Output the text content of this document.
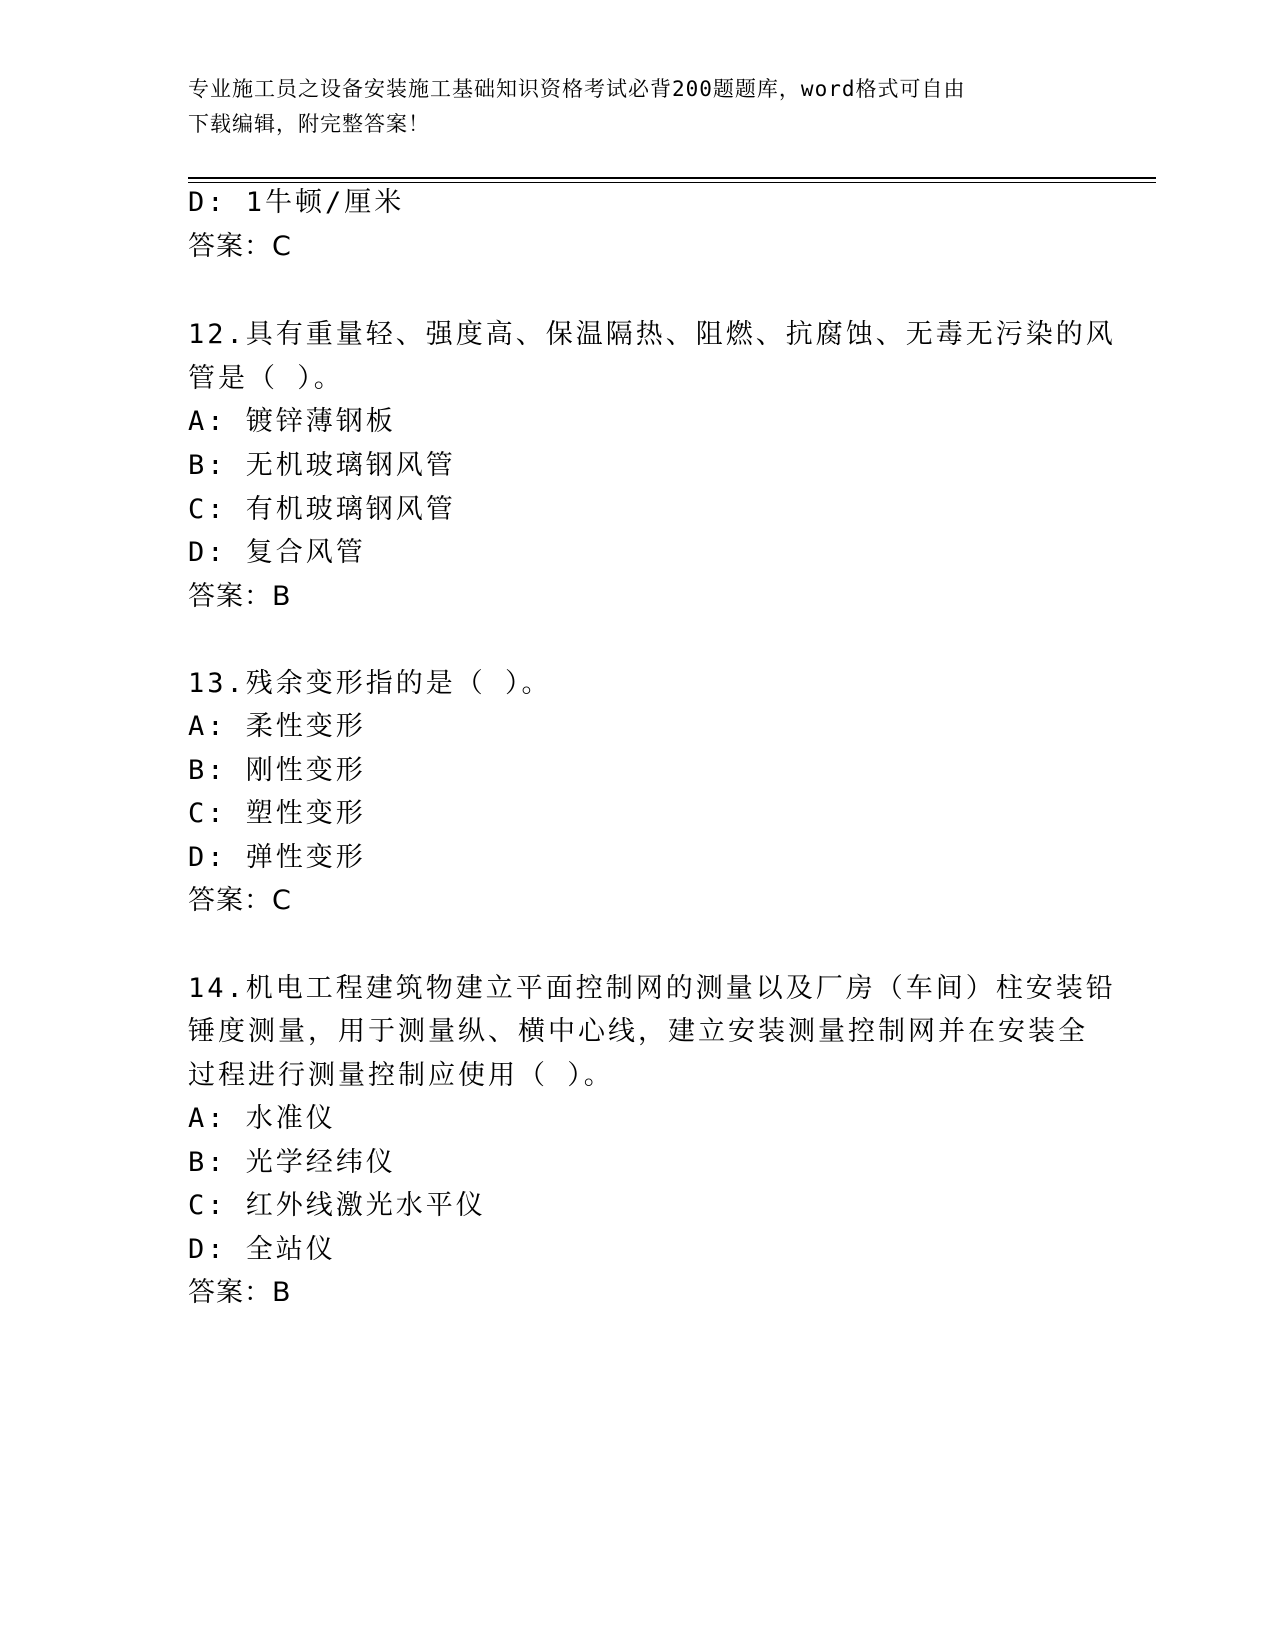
专业施工员之设备安装施工基础知识资格考试必背200题题库，word格式可自由
下载编辑，附完整答案！
D: 1牛顿/厘米
答案：C
12.具有重量轻、强度高、保温隔热、阻燃、抗腐蚀、无毒无污染的风
管是（ ）。
A: 镀锌薄钢板
B: 无机玻璃钢风管
C: 有机玻璃钢风管
D: 复合风管
答案：B
13.残余变形指的是（ ）。
A: 柔性变形
B: 刚性变形
C: 塑性变形
D: 弹性变形
答案：C
14.机电工程建筑物建立平面控制网的测量以及厂房（车间）柱安装铅
锤度测量，用于测量纵、横中心线，建立安装测量控制网并在安装全
过程进行测量控制应使用（ ）。
A: 水准仪
B: 光学经纬仪
C: 红外线激光水平仪
D: 全站仪
答案：B
